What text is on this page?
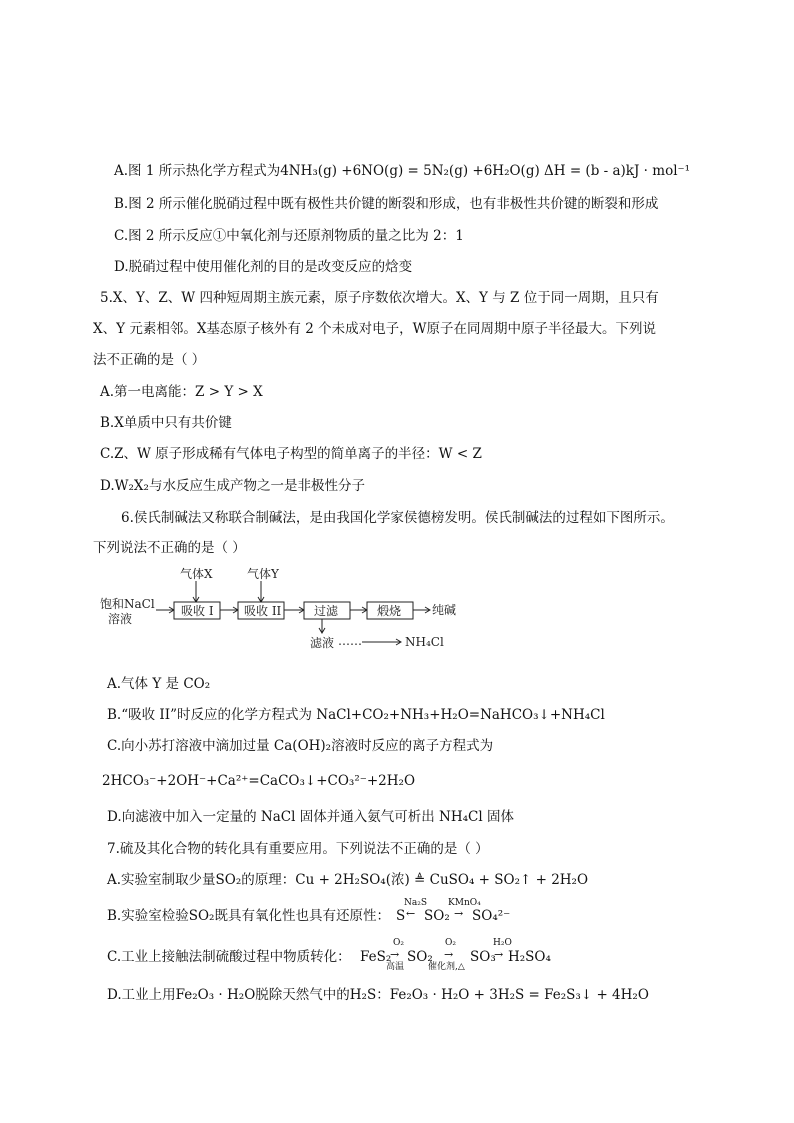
A.图 1 所示热化学方程式为4NH₃(g) +6NO(g) = 5N₂(g) +6H₂O(g) ΔH = (b - a)kJ · mol⁻¹
B.图 2 所示催化脱硝过程中既有极性共价键的断裂和形成，也有非极性共价键的断裂和形成
C.图 2 所示反应①中氧化剂与还原剂物质的量之比为 2：1
D.脱硝过程中使用催化剂的目的是改变反应的焓变
5.X、Y、Z、W 四种短周期主族元素，原子序数依次增大。X、Y 与 Z 位于同一周期，且只有
X、Y 元素相邻。X基态原子核外有 2 个未成对电子，W原子在同周期中原子半径最大。下列说
法不正确的是（ ）
A.第一电离能：Z > Y > X
B.X单质中只有共价键
C.Z、W 原子形成稀有气体电子构型的简单离子的半径：W < Z
D.W₂X₂与水反应生成产物之一是非极性分子
6.侯氏制碱法又称联合制碱法，是由我国化学家侯德榜发明。侯氏制碱法的过程如下图所示。
下列说法不正确的是（ ）
气体X	气体Y
饱和NaCl
溶液
吸收 I	吸收 II	过滤	煅烧	纯碱
滤液 ……	NH₄Cl
A.气体 Y 是 CO₂
B.“吸收 II”时反应的化学方程式为 NaCl+CO₂+NH₃+H₂O=NaHCO₃↓+NH₄Cl
C.向小苏打溶液中滴加过量 Ca(OH)₂溶液时反应的离子方程式为
2HCO₃⁻+2OH⁻+Ca²⁺=CaCO₃↓+CO₃²⁻+2H₂O
D.向滤液中加入一定量的 NaCl 固体并通入氨气可析出 NH₄Cl 固体
7.硫及其化合物的转化具有重要应用。下列说法不正确的是（ ）
A.实验室制取少量SO₂的原理：Cu + 2H₂SO₄(浓) ≜ CuSO₄ + SO₂↑ + 2H₂O
B.实验室检验SO₂既具有氧化性也具有还原性： S
Na₂S
← SO₂
KMnO₄
→ SO₄²⁻
C.工业上接触法制硫酸过程中物质转化： FeS₂
O₂
→
高温
SO₂
O₂
→
催化剂,△
SO₃
H₂O
→ H₂SO₄
D.工业上用Fe₂O₃ · H₂O脱除天然气中的H₂S：Fe₂O₃ · H₂O + 3H₂S = Fe₂S₃↓ + 4H₂O
